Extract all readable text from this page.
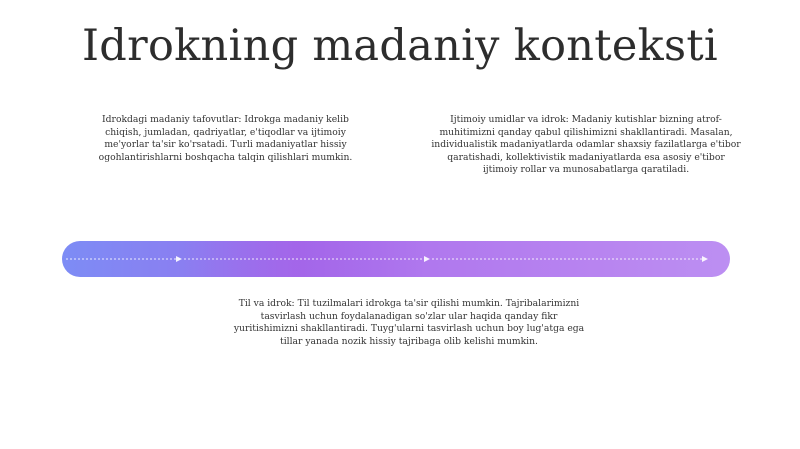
Idrokning madaniy konteksti
Idrokdagi madaniy tafovutlar: Idrokga madaniy kelib chiqish, jumladan, qadriyatlar, e'tiqodlar va ijtimoiy me'yorlar ta'sir ko'rsatadi. Turli madaniyatlar hissiy ogohlantirishlarni boshqacha talqin qilishlari mumkin.
Ijtimoiy umidlar va idrok: Madaniy kutishlar bizning atrof-muhitimizni qanday qabul qilishimizni shakllantiradi. Masalan, individualistik madaniyatlarda odamlar shaxsiy fazilatlarga e'tibor qaratishadi, kollektivistik madaniyatlarda esa asosiy e'tibor ijtimoiy rollar va munosabatlarga qaratiladi.
Til va idrok: Til tuzilmalari idrokga ta'sir qilishi mumkin. Tajribalarimizni tasvirlash uchun foydalanadigan so'zlar ular haqida qanday fikr yuritishimizni shakllantiradi. Tuyg'ularni tasvirlash uchun boy lug'atga ega tillar yanada nozik hissiy tajribaga olib kelishi mumkin.
